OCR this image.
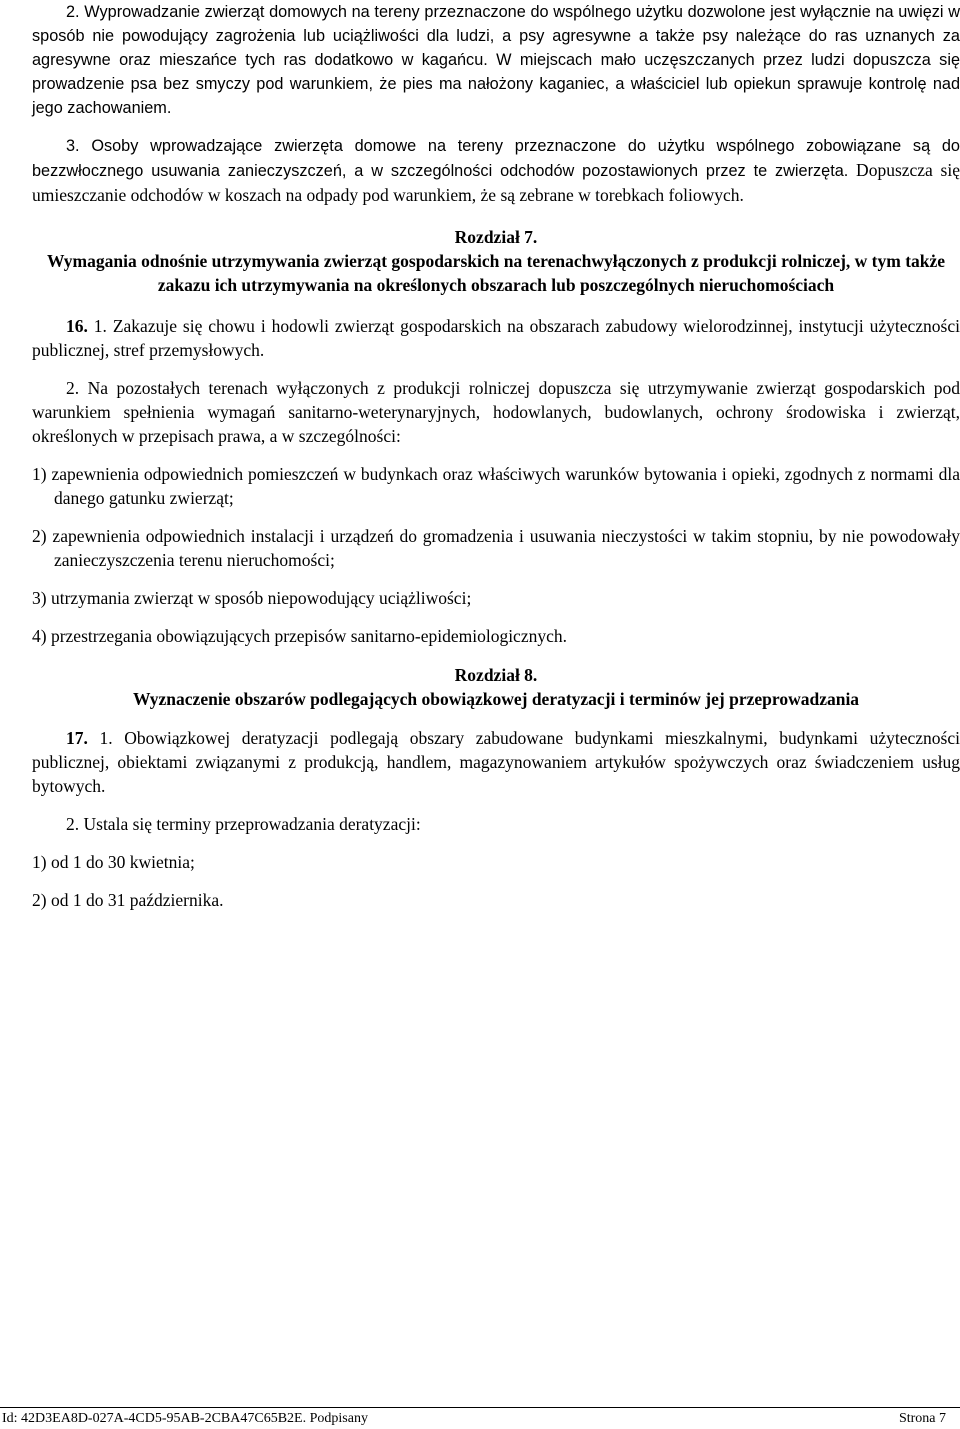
2. Wyprowadzanie zwierząt domowych na tereny przeznaczone do wspólnego użytku dozwolone jest wyłącznie na uwięzi w sposób nie powodujący zagrożenia lub uciążliwości dla ludzi, a psy agresywne a także psy należące do ras uznanych za agresywne oraz mieszańce tych ras dodatkowo w kagańcu. W miejscach mało uczęszczanych przez ludzi dopuszcza się prowadzenie psa bez smyczy pod warunkiem, że pies ma nałożony kaganiec, a właściciel lub opiekun sprawuje kontrolę nad jego zachowaniem.

3. Osoby wprowadzające zwierzęta domowe na tereny przeznaczone do użytku wspólnego zobowiązane są do bezzwłocznego usuwania zanieczyszczeń, a w szczególności odchodów pozostawionych przez te zwierzęta. Dopuszcza się umieszczanie odchodów w koszach na odpady pod warunkiem, że są zebrane w torebkach foliowych.

Rozdział 7.

Wymagania odnośnie utrzymywania zwierząt gospodarskich na terenachwyłączonych z produkcji rolniczej, w tym także zakazu ich utrzymywania na określonych obszarach lub poszczególnych nieruchomościach

16. 1. Zakazuje się chowu i hodowli zwierząt gospodarskich na obszarach zabudowy wielorodzinnej, instytucji użyteczności publicznej, stref przemysłowych.

2. Na pozostałych terenach wyłączonych z produkcji rolniczej dopuszcza się utrzymywanie zwierząt gospodarskich pod warunkiem spełnienia wymagań sanitarno-weterynaryjnych, hodowlanych, budowlanych, ochrony środowiska i zwierząt, określonych w przepisach prawa, a w szczególności:

1) zapewnienia odpowiednich pomieszczeń w budynkach oraz właściwych warunków bytowania i opieki, zgodnych z normami dla danego gatunku zwierząt;

2) zapewnienia odpowiednich instalacji i urządzeń do gromadzenia i usuwania nieczystości w takim stopniu, by nie powodowały zanieczyszczenia terenu nieruchomości;

3) utrzymania zwierząt w sposób niepowodujący uciążliwości;

4) przestrzegania obowiązujących przepisów sanitarno-epidemiologicznych.

Rozdział 8.

Wyznaczenie obszarów podlegających obowiązkowej deratyzacji i terminów jej przeprowadzania

17. 1. Obowiązkowej deratyzacji podlegają obszary zabudowane budynkami mieszkalnymi, budynkami użyteczności publicznej, obiektami związanymi z produkcją, handlem, magazynowaniem artykułów spożywczych oraz świadczeniem usług bytowych.

2. Ustala się terminy przeprowadzania deratyzacji:

1) od 1 do 30 kwietnia;

2) od 1 do 31 października.

Id: 42D3EA8D-027A-4CD5-95AB-2CBA47C65B2E. Podpisany	Strona 7
